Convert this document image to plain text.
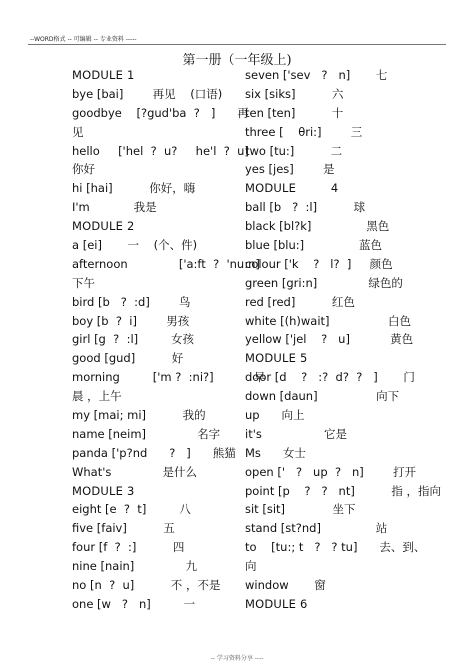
--WORD格式 -- 可编辑 -- 专业资料 -----
第一册（一年级上)
MODULE 1
bye [bai]        再见    (口语)
goodbye    [?gud'ba  ?   ]      再
见
hello     ['hel  ?  u?     he'l  ?  u]
你好
hi [hai]          你好，嗨
I'm            我是
MODULE 2
a [ei]       一    (个、件)
afternoon              ['a:ft  ?  'nu:n]
下午
bird [b   ?  :d]        鸟
boy [b  ?  i]        男孩
girl [g  ?  :l]         女孩
good [gud]          好
morning         ['m ?  :ni?]           早
晨 ，上午
my [mai; mi]          我的
name [neim]              名字
panda ['p?nd      ?   ]      熊猫
What's              是什么
MODULE 3
eight [e  ?  t]         八
five [faiv]          五
four [f  ?  :]          四
nine [nain]              九
no [n  ?  u]          不 ，不是
one [w   ?   n]         一
seven ['sev   ?   n]       七
six [siks]          六
ten [ten]          十
three [    θri:]        三
two [tu:]          二
yes [jes]        是
MODULE         4
ball [b   ?  :l]          球
black [bl?k]               黑色
blue [blu:]               蓝色
colour ['k    ?   l?  ]     颜色
green [gri:n]              绿色的
red [red]          红色
white [(h)wait]                白色
yellow ['jel    ?   u]           黄色
MODULE 5
door [d    ?   :?  d?  ?   ]       门
down [daun]                向下
up      向上
it's                 它是
Ms      女士
open ['   ?   up  ?   n]        打开
point [p    ?   ?   nt]          指 ，指向
sit [sit]             坐下
stand [st?nd]               站
to    [tu:; t   ?   ? tu]      去、到、
向
window       窗
MODULE 6
-- 学习资料分享 ----
